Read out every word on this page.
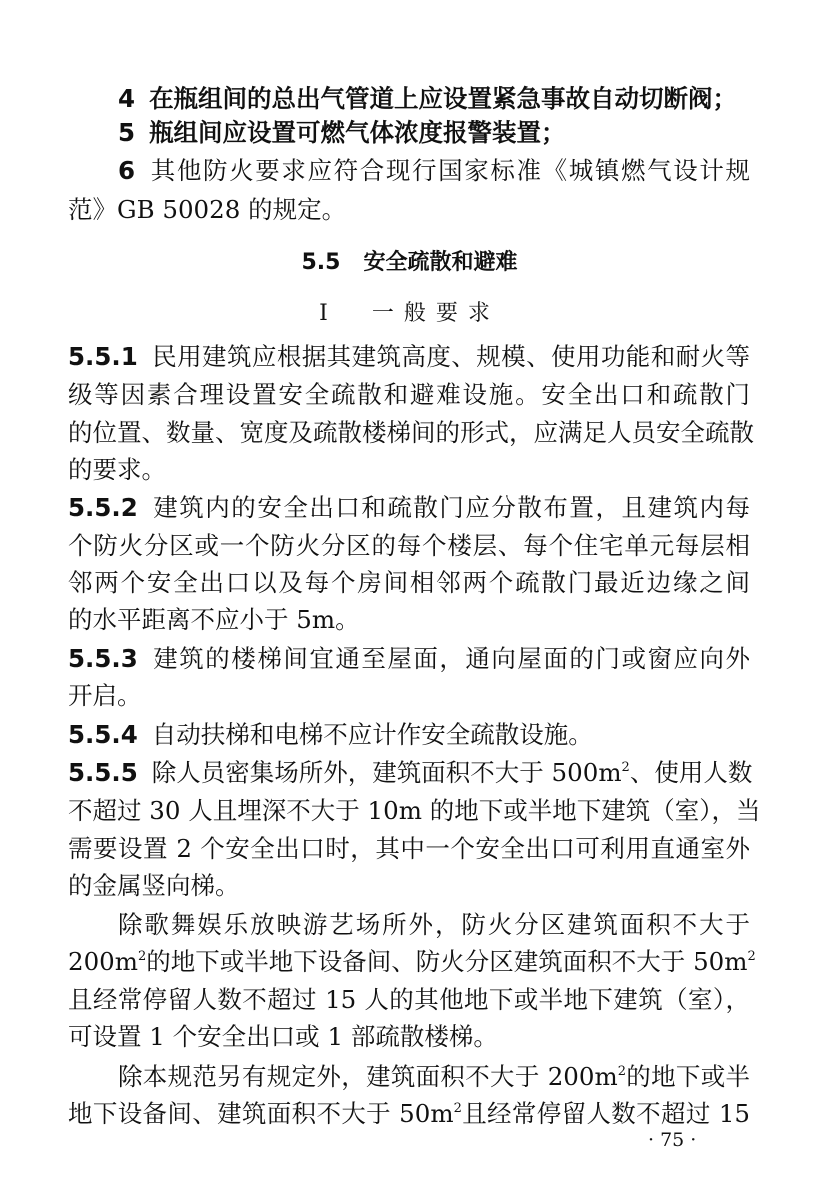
4 在瓶组间的总出气管道上应设置紧急事故自动切断阀；
5 瓶组间应设置可燃气体浓度报警装置；
6 其他防火要求应符合现行国家标准《城镇燃气设计规
范》GB 50028 的规定。
5.5 安全疏散和避难
Ⅰ 一般要求
5.5.1 民用建筑应根据其建筑高度、规模、使用功能和耐火等
级等因素合理设置安全疏散和避难设施。安全出口和疏散门
的位置、数量、宽度及疏散楼梯间的形式，应满足人员安全疏散
的要求。
5.5.2 建筑内的安全出口和疏散门应分散布置，且建筑内每
个防火分区或一个防火分区的每个楼层、每个住宅单元每层相
邻两个安全出口以及每个房间相邻两个疏散门最近边缘之间
的水平距离不应小于 5m。
5.5.3 建筑的楼梯间宜通至屋面，通向屋面的门或窗应向外
开启。
5.5.4 自动扶梯和电梯不应计作安全疏散设施。
5.5.5 除人员密集场所外，建筑面积不大于 $500m^2$、使用人数
不超过 30 人且埋深不大于 10m 的地下或半地下建筑（室），当
需要设置 2 个安全出口时，其中一个安全出口可利用直通室外
的金属竖向梯。
除歌舞娱乐放映游艺场所外，防火分区建筑面积不大于
$200m^2$的地下或半地下设备间、防火分区建筑面积不大于 $50m^2$
且经常停留人数不超过 15 人的其他地下或半地下建筑（室），
可设置 1 个安全出口或 1 部疏散楼梯。
除本规范另有规定外，建筑面积不大于 $200m^2$的地下或半
地下设备间、建筑面积不大于 $50m^2$且经常停留人数不超过 15
· 75 ·
